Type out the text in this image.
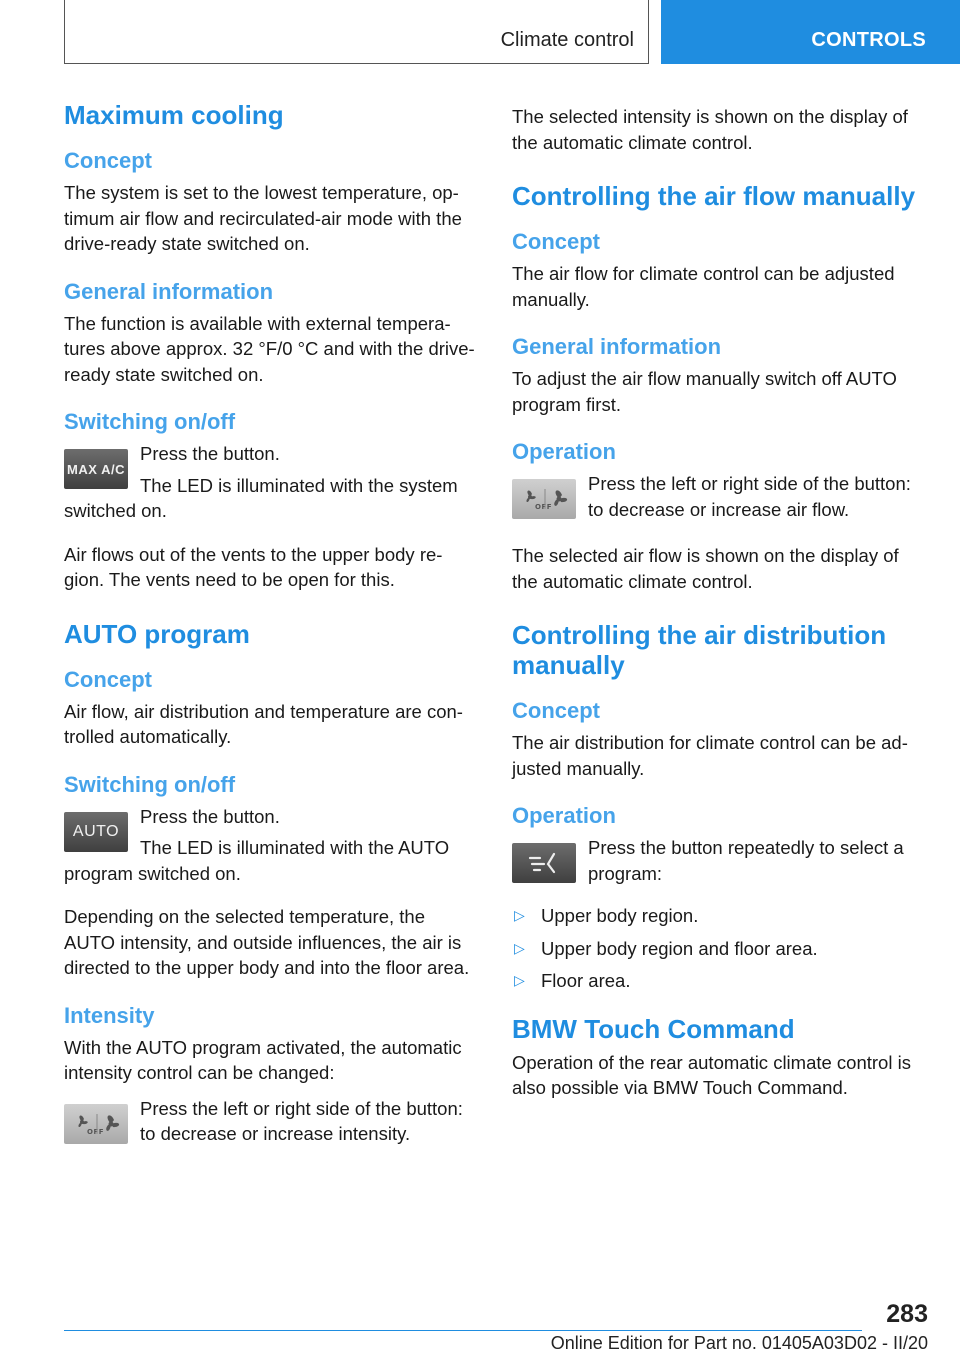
Climate control	CONTROLS
Maximum cooling
Concept

The system is set to the lowest temperature, op-timum air flow and recirculated-air mode with the drive-ready state switched on.

General information

The function is available with external tempera-tures above approx. 32 °F/0 °C and with the drive-ready state switched on.

Switching on/off
MAX A/C

Press the button.

The LED is illuminated with the system switched on.

Air flows out of the vents to the upper body re-gion. The vents need to be open for this.

AUTO program
Concept

Air flow, air distribution and temperature are con-trolled automatically.

Switching on/off
AUTO

Press the button.

The LED is illuminated with the AUTO program switched on.

Depending on the selected temperature, the AUTO intensity, and outside influences, the air is directed to the upper body and into the floor area.

Intensity

With the AUTO program activated, the automatic intensity control can be changed:

OFF

Press the left or right side of the button: to decrease or increase intensity.

The selected intensity is shown on the display of the automatic climate control.

Controlling the air flow manually
Concept

The air flow for climate control can be adjusted manually.

General information

To adjust the air flow manually switch off AUTO program first.

Operation
OFF

Press the left or right side of the button: to decrease or increase air flow.

The selected air flow is shown on the display of the automatic climate control.

Controlling the air distribution manually
Concept

The air distribution for climate control can be ad-justed manually.

Operation

Press the button repeatedly to select a program:

▷ Upper body region.
▷ Upper body region and floor area.
▷ Floor area.
BMW Touch Command

Operation of the rear automatic climate control is also possible via BMW Touch Command.

283
Online Edition for Part no. 01405A03D02 - II/20
